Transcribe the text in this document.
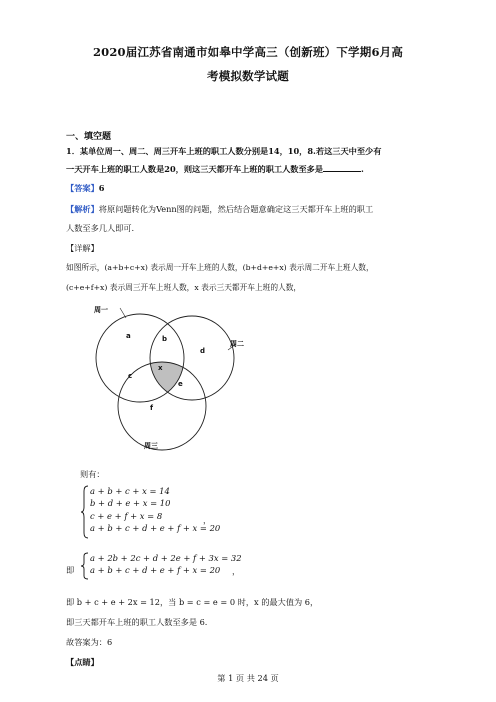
2020届江苏省南通市如皋中学高三（创新班）下学期6月高
考模拟数学试题
一、填空题
1．某单位周一、周二、周三开车上班的职工人数分别是14，10，8.若这三天中至少有
一天开车上班的职工人数是20，则这三天都开车上班的职工人数至多是	.
【答案】6
【解析】将原问题转化为Venn图的问题，然后结合题意确定这三天都开车上班的职工
人数至多几人即可.
【详解】
如图所示，(a+b+c+x) 表示周一开车上班的人数，(b+d+e+x) 表示周二开车上班人数，
(c+e+f+x) 表示周三开车上班人数，x 表示三天都开车上班的人数，
周一
周二
周三
a	b
d
c
x
e
f
则有：
a + b + c + x = 14
b + d + e + x = 10
c + e + f + x = 8
a + b + c + d + e + f + x = 20
，
即
a + 2b + 2c + d + 2e + f + 3x = 32
a + b + c + d + e + f + x = 20	，
即 b + c + e + 2x = 12，当 b = c = e = 0 时，x 的最大值为 6，
即三天都开车上班的职工人数至多是 6.
故答案为：6
【点睛】
第 1 页 共 24 页
